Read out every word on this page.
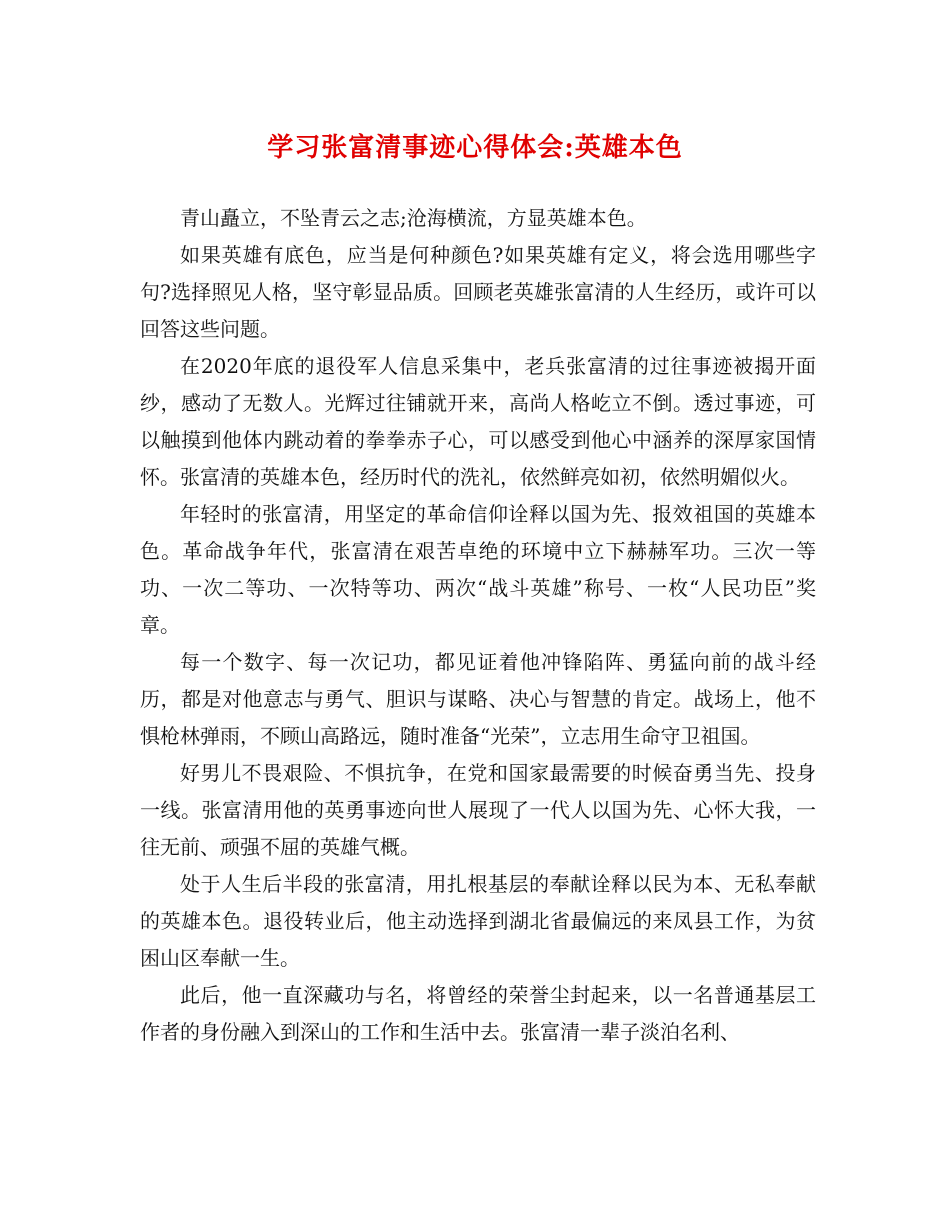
学习张富清事迹心得体会:英雄本色

青山矗立，不坠青云之志;沧海横流，方显英雄本色。

如果英雄有底色，应当是何种颜色?如果英雄有定义，将会选用哪些字句?选择照见人格，坚守彰显品质。回顾老英雄张富清的人生经历，或许可以回答这些问题。

在2020年底的退役军人信息采集中，老兵张富清的过往事迹被揭开面纱，感动了无数人。光辉过往铺就开来，高尚人格屹立不倒。透过事迹，可以触摸到他体内跳动着的拳拳赤子心，可以感受到他心中涵养的深厚家国情怀。张富清的英雄本色，经历时代的洗礼，依然鲜亮如初，依然明媚似火。

年轻时的张富清，用坚定的革命信仰诠释以国为先、报效祖国的英雄本色。革命战争年代，张富清在艰苦卓绝的环境中立下赫赫军功。三次一等功、一次二等功、一次特等功、两次“战斗英雄”称号、一枚“人民功臣”奖章。

每一个数字、每一次记功，都见证着他冲锋陷阵、勇猛向前的战斗经历，都是对他意志与勇气、胆识与谋略、决心与智慧的肯定。战场上，他不惧枪林弹雨，不顾山高路远，随时准备“光荣”，立志用生命守卫祖国。

好男儿不畏艰险、不惧抗争，在党和国家最需要的时候奋勇当先、投身一线。张富清用他的英勇事迹向世人展现了一代人以国为先、心怀大我，一往无前、顽强不屈的英雄气概。

处于人生后半段的张富清，用扎根基层的奉献诠释以民为本、无私奉献的英雄本色。退役转业后，他主动选择到湖北省最偏远的来凤县工作，为贫困山区奉献一生。

此后，他一直深藏功与名，将曾经的荣誉尘封起来，以一名普通基层工作者的身份融入到深山的工作和生活中去。张富清一辈子淡泊名利、
